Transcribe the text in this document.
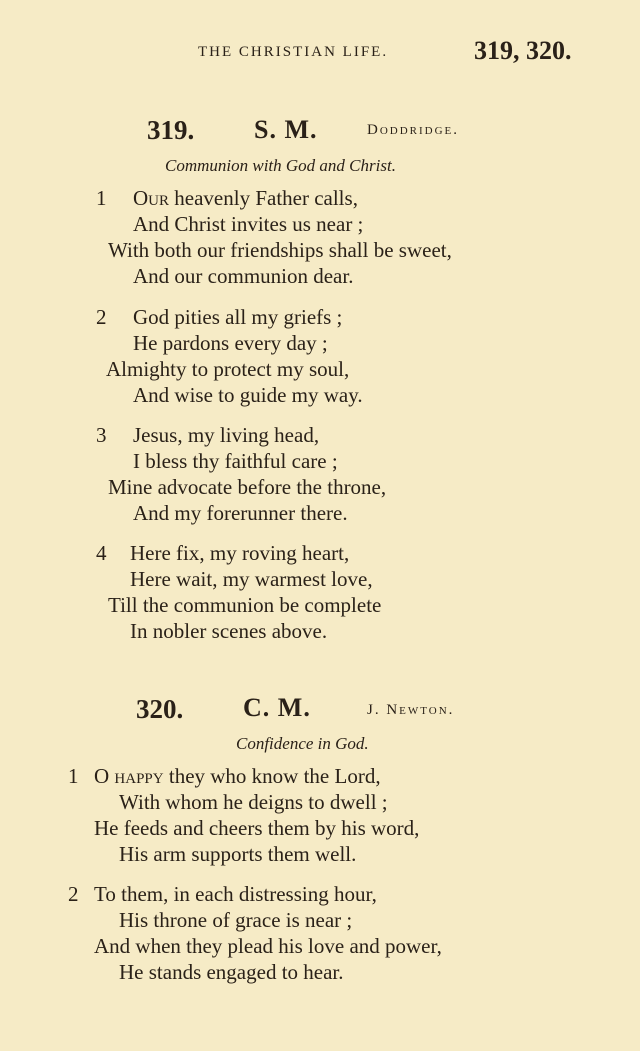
THE CHRISTIAN LIFE.	319, 320.
319. S. M.	Doddridge.
Communion with God and Christ.
1 Our heavenly Father calls,
And Christ invites us near ;
With both our friendships shall be sweet,
And our communion dear.
2 God pities all my griefs ;
He pardons every day ;
Almighty to protect my soul,
And wise to guide my way.
3 Jesus, my living head,
I bless thy faithful care ;
Mine advocate before the throne,
And my forerunner there.
4 Here fix, my roving heart,
Here wait, my warmest love,
Till the communion be complete
In nobler scenes above.
320. C. M.	J. Newton.
Confidence in God.
1 O happy they who know the Lord,
With whom he deigns to dwell ;
He feeds and cheers them by his word,
His arm supports them well.
2 To them, in each distressing hour,
His throne of grace is near ;
And when they plead his love and power,
He stands engaged to hear.
